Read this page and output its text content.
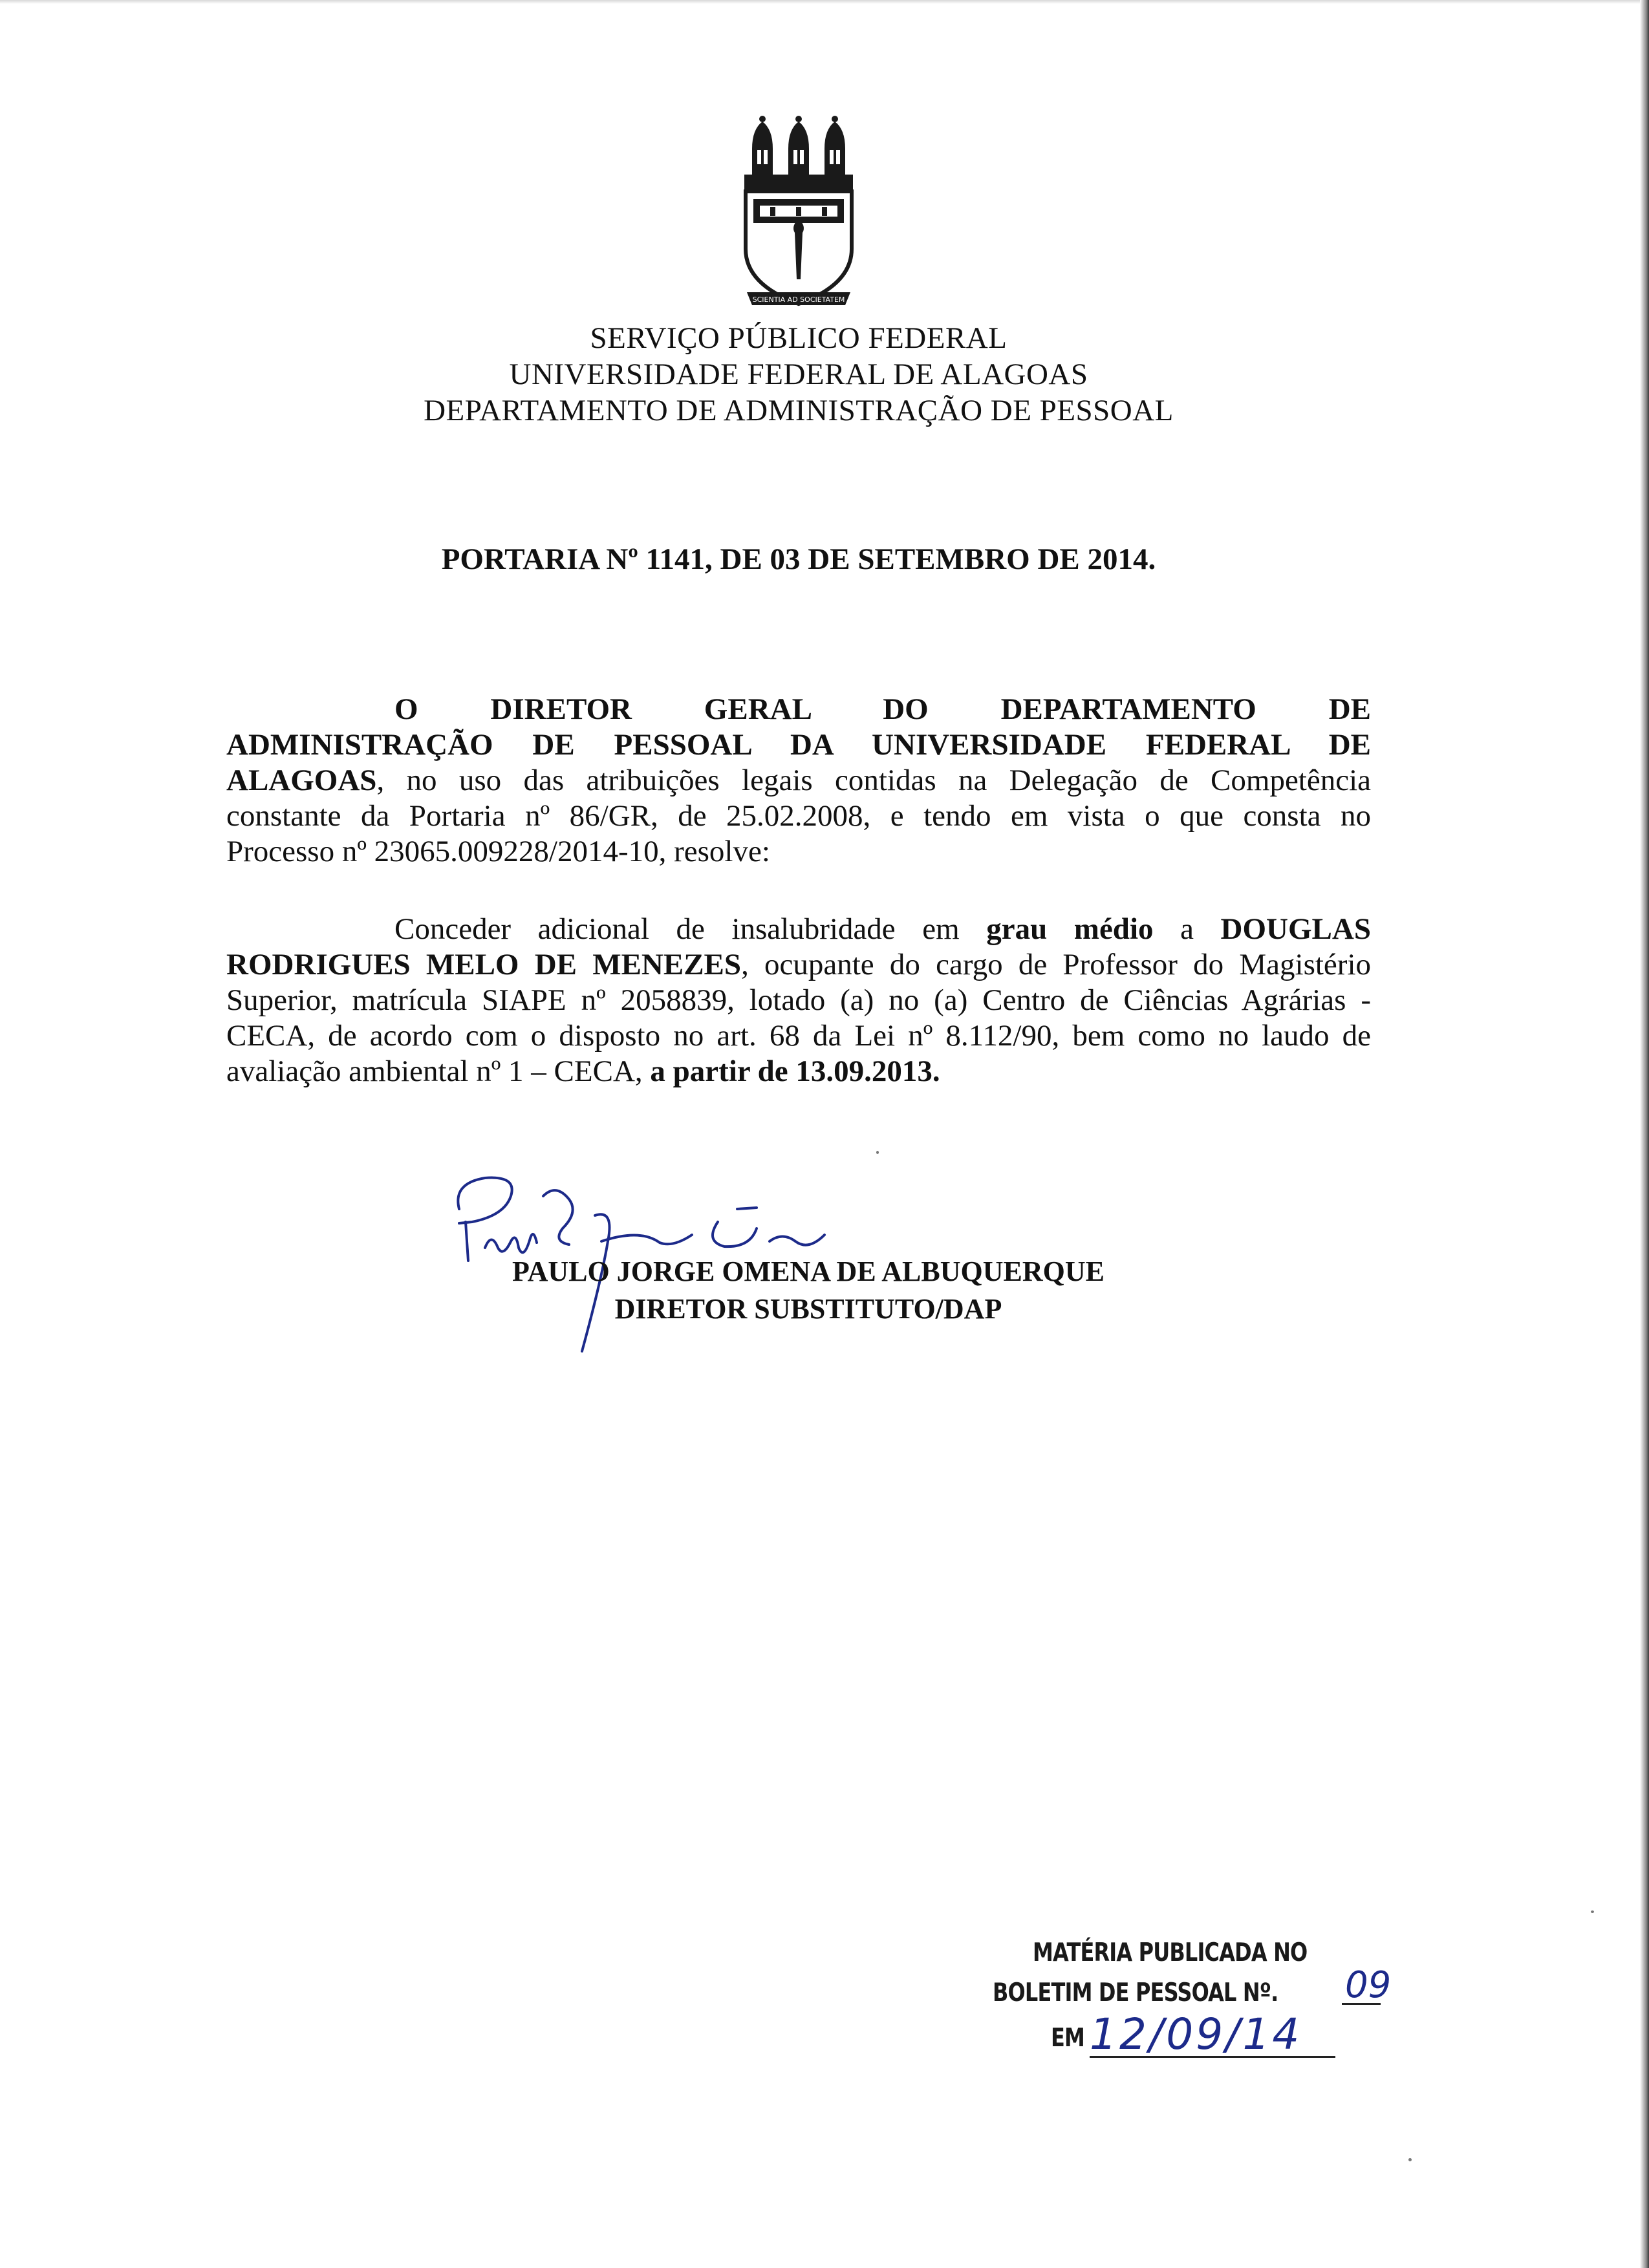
SCIENTIA AD SOCIETATEM
SERVIÇO PÚBLICO FEDERAL
UNIVERSIDADE FEDERAL DE ALAGOAS
DEPARTAMENTO DE ADMINISTRAÇÃO DE PESSOAL
PORTARIA Nº 1141, DE 03 DE SETEMBRO DE 2014.
O DIRETOR GERAL DO DEPARTAMENTO DE
ADMINISTRAÇÃO DE PESSOAL DA UNIVERSIDADE FEDERAL DE
ALAGOAS, no uso das atribuições legais contidas na Delegação de Competência
constante da Portaria nº 86/GR, de 25.02.2008, e tendo em vista o que consta no
Processo nº 23065.009228/2014-10, resolve:
Conceder adicional de insalubridade em grau médio a DOUGLAS
RODRIGUES MELO DE MENEZES, ocupante do cargo de Professor do Magistério
Superior, matrícula SIAPE nº 2058839, lotado (a) no (a) Centro de Ciências Agrárias -
CECA, de acordo com o disposto no art. 68 da Lei nº 8.112/90, bem como no laudo de
avaliação ambiental nº 1 – CECA, a partir de 13.09.2013.
PAULO JORGE OMENA DE ALBUQUERQUE
DIRETOR SUBSTITUTO/DAP
MATÉRIA PUBLICADA NO
BOLETIM DE PESSOAL Nº.
EM
09
12/09/14
